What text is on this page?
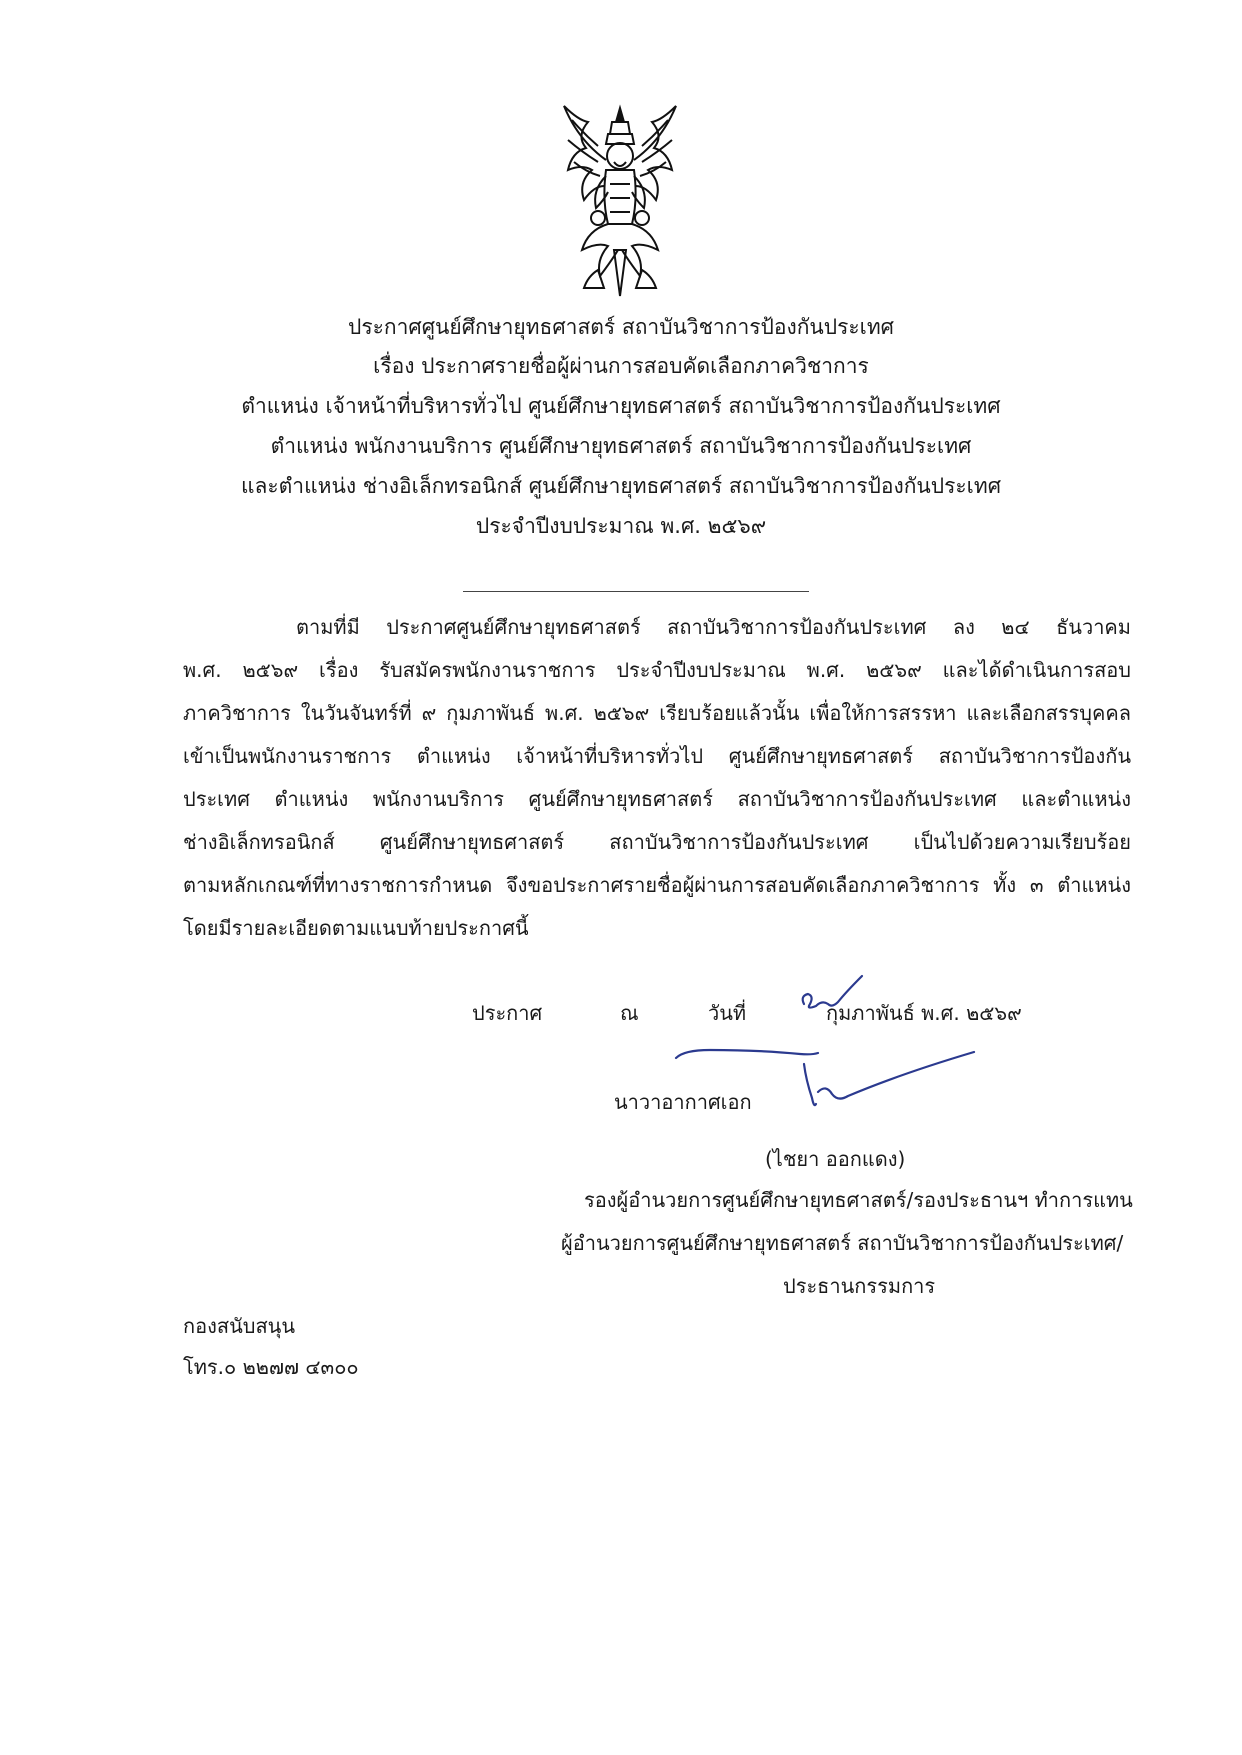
ประกาศศูนย์ศึกษายุทธศาสตร์ สถาบันวิชาการป้องกันประเทศ
เรื่อง ประกาศรายชื่อผู้ผ่านการสอบคัดเลือกภาควิชาการ
ตำแหน่ง เจ้าหน้าที่บริหารทั่วไป ศูนย์ศึกษายุทธศาสตร์ สถาบันวิชาการป้องกันประเทศ
ตำแหน่ง พนักงานบริการ ศูนย์ศึกษายุทธศาสตร์ สถาบันวิชาการป้องกันประเทศ
และตำแหน่ง ช่างอิเล็กทรอนิกส์ ศูนย์ศึกษายุทธศาสตร์ สถาบันวิชาการป้องกันประเทศ
ประจำปีงบประมาณ พ.ศ. ๒๕๖๙
ตามที่มี ประกาศศูนย์ศึกษายุทธศาสตร์ สถาบันวิชาการป้องกันประเทศ ลง ๒๔ ธันวาคม
พ.ศ. ๒๕๖๙ เรื่อง รับสมัครพนักงานราชการ ประจำปีงบประมาณ พ.ศ. ๒๕๖๙ และได้ดำเนินการสอบ
ภาควิชาการ ในวันจันทร์ที่ ๙ กุมภาพันธ์ พ.ศ. ๒๕๖๙ เรียบร้อยแล้วนั้น เพื่อให้การสรรหา และเลือกสรรบุคคล
เข้าเป็นพนักงานราชการ ตำแหน่ง เจ้าหน้าที่บริหารทั่วไป ศูนย์ศึกษายุทธศาสตร์ สถาบันวิชาการป้องกัน
ประเทศ ตำแหน่ง พนักงานบริการ ศูนย์ศึกษายุทธศาสตร์ สถาบันวิชาการป้องกันประเทศ และตำแหน่ง
ช่างอิเล็กทรอนิกส์ ศูนย์ศึกษายุทธศาสตร์ สถาบันวิชาการป้องกันประเทศ เป็นไปด้วยความเรียบร้อย
ตามหลักเกณฑ์ที่ทางราชการกำหนด จึงขอประกาศรายชื่อผู้ผ่านการสอบคัดเลือกภาควิชาการ ทั้ง ๓ ตำแหน่ง
โดยมีรายละเอียดตามแนบท้ายประกาศนี้
ประกาศ	ณ	วันที่	กุมภาพันธ์ พ.ศ. ๒๕๖๙
นาวาอากาศเอก
(ไชยา ออกแดง)
รองผู้อำนวยการศูนย์ศึกษายุทธศาสตร์/รองประธานฯ ทำการแทน
ผู้อำนวยการศูนย์ศึกษายุทธศาสตร์ สถาบันวิชาการป้องกันประเทศ/
ประธานกรรมการ
กองสนับสนุน
โทร.๐ ๒๒๗๗ ๔๓๐๐
